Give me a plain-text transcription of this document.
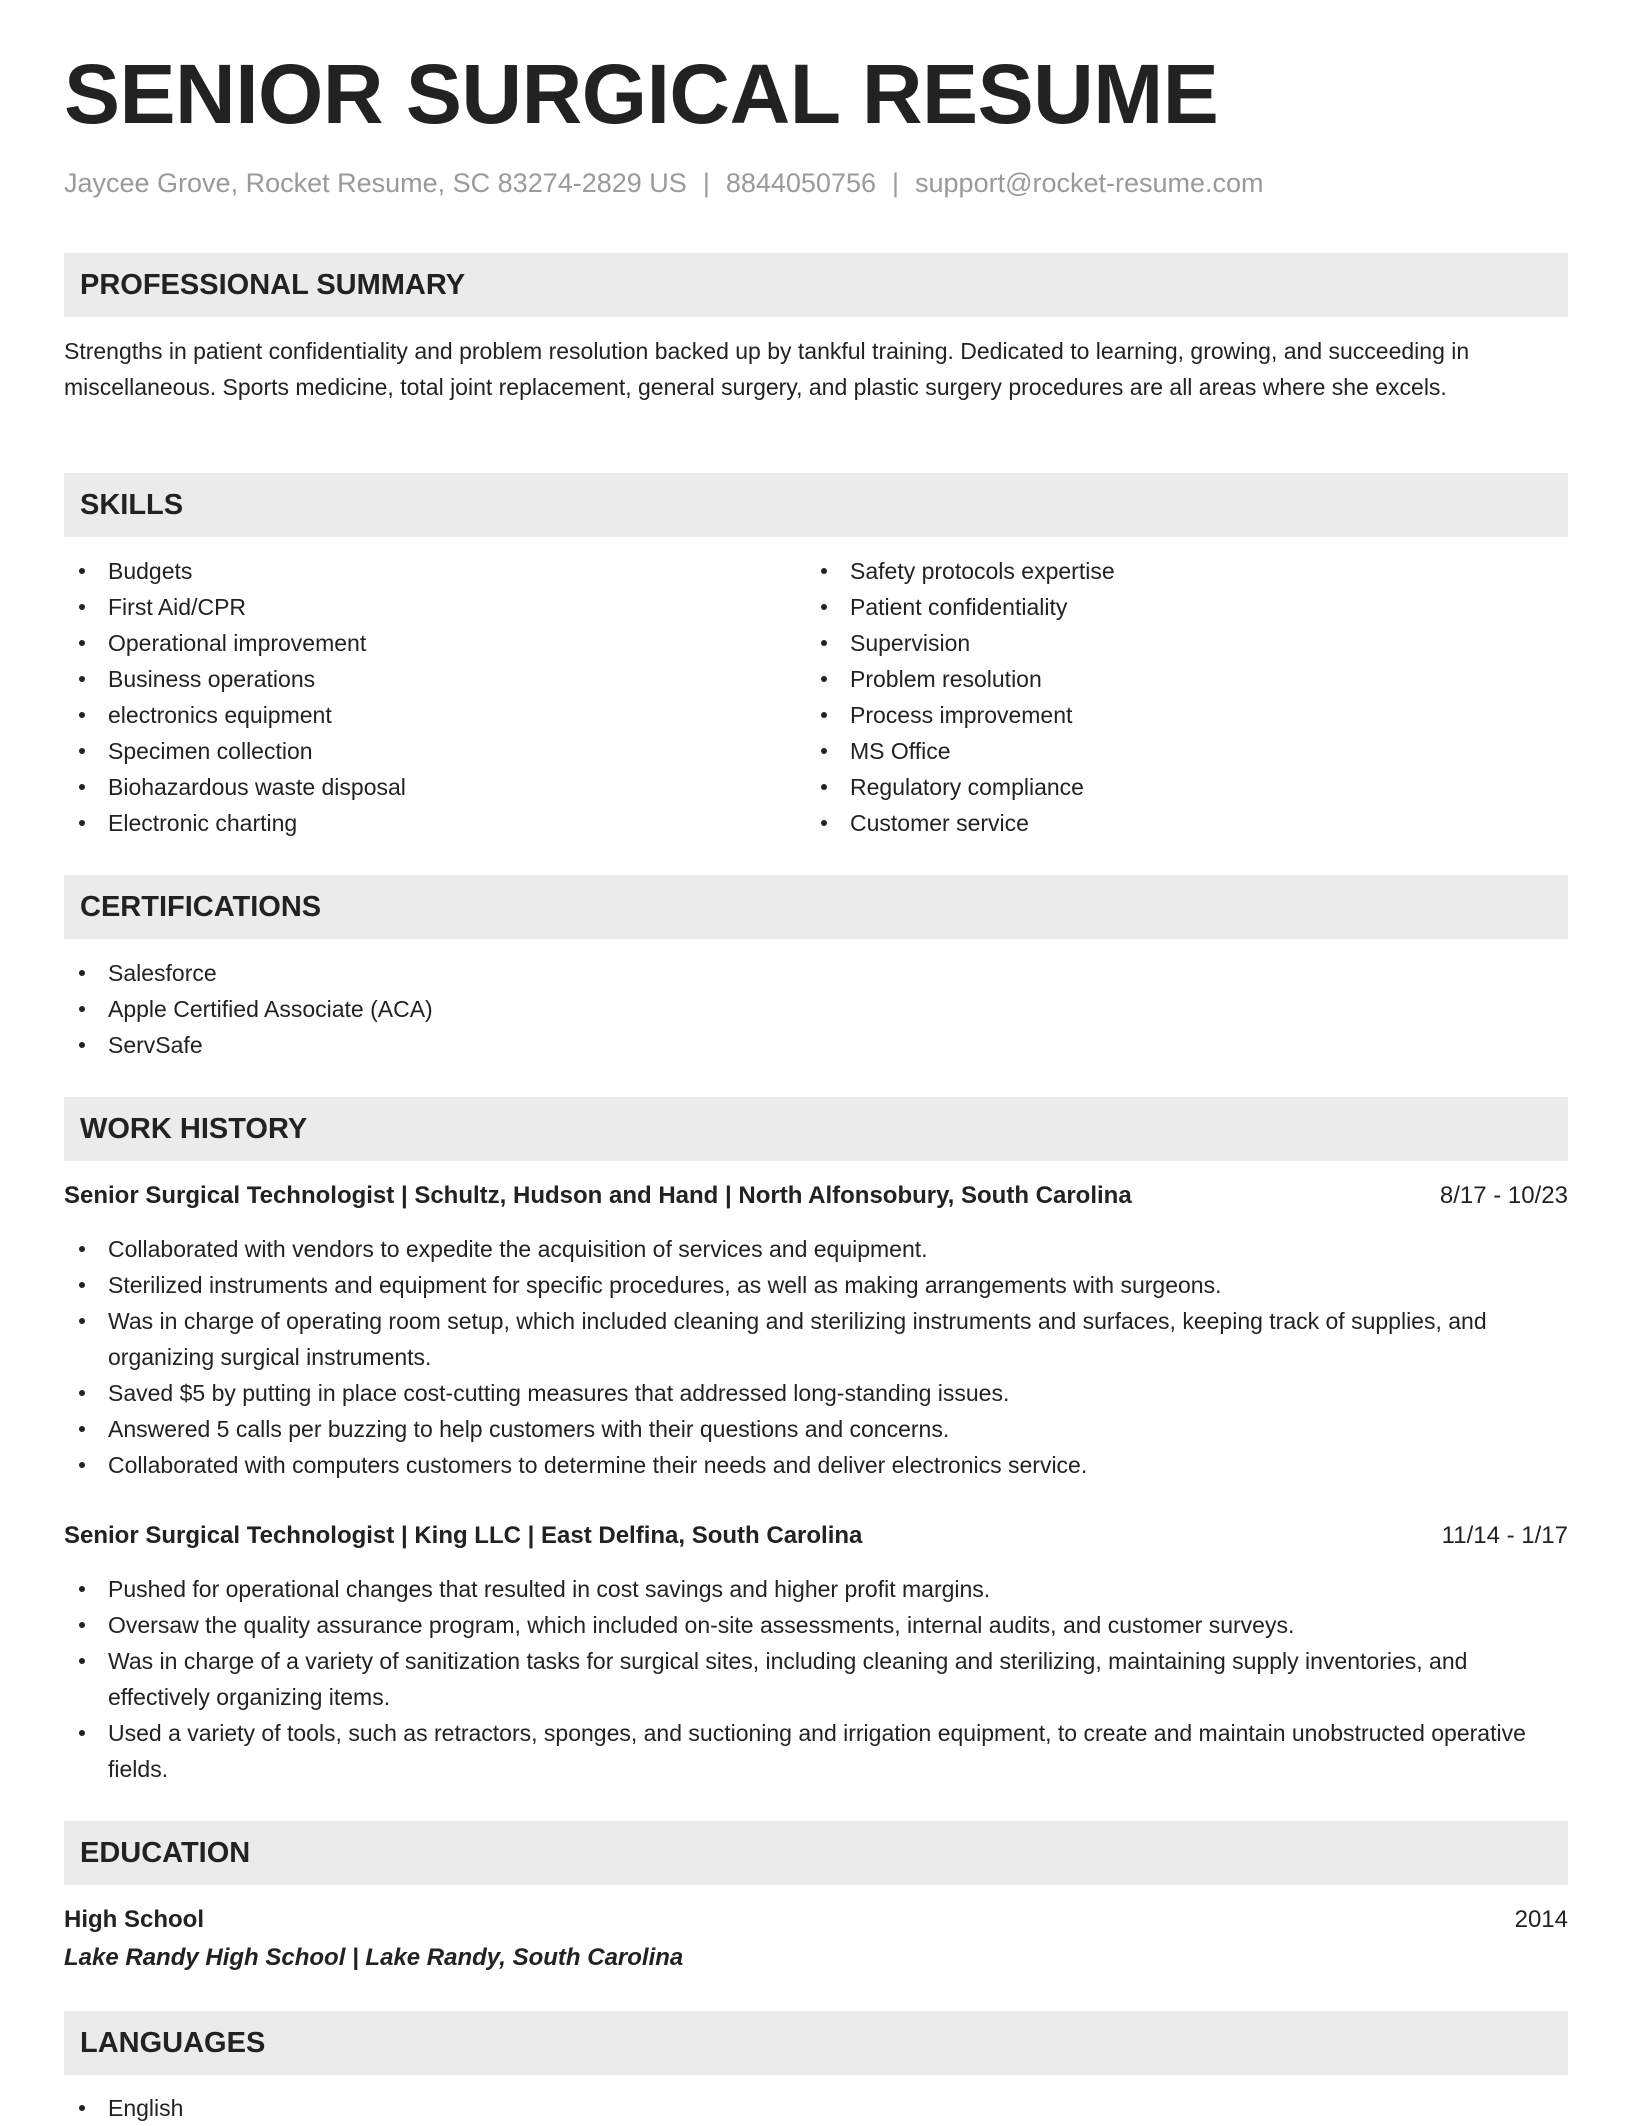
SENIOR SURGICAL RESUME
Jaycee Grove, Rocket Resume, SC 83274-2829 US | 8844050756 | support@rocket-resume.com
PROFESSIONAL SUMMARY
Strengths in patient confidentiality and problem resolution backed up by tankful training. Dedicated to learning, growing, and succeeding in miscellaneous. Sports medicine, total joint replacement, general surgery, and plastic surgery procedures are all areas where she excels.
SKILLS
Budgets
First Aid/CPR
Operational improvement
Business operations
electronics equipment
Specimen collection
Biohazardous waste disposal
Electronic charting
Safety protocols expertise
Patient confidentiality
Supervision
Problem resolution
Process improvement
MS Office
Regulatory compliance
Customer service
CERTIFICATIONS
Salesforce
Apple Certified Associate (ACA)
ServSafe
WORK HISTORY
Senior Surgical Technologist | Schultz, Hudson and Hand | North Alfonsobury, South Carolina	8/17 - 10/23
Collaborated with vendors to expedite the acquisition of services and equipment.
Sterilized instruments and equipment for specific procedures, as well as making arrangements with surgeons.
Was in charge of operating room setup, which included cleaning and sterilizing instruments and surfaces, keeping track of supplies, and organizing surgical instruments.
Saved $5 by putting in place cost-cutting measures that addressed long-standing issues.
Answered 5 calls per buzzing to help customers with their questions and concerns.
Collaborated with computers customers to determine their needs and deliver electronics service.
Senior Surgical Technologist | King LLC | East Delfina, South Carolina	11/14 - 1/17
Pushed for operational changes that resulted in cost savings and higher profit margins.
Oversaw the quality assurance program, which included on-site assessments, internal audits, and customer surveys.
Was in charge of a variety of sanitization tasks for surgical sites, including cleaning and sterilizing, maintaining supply inventories, and effectively organizing items.
Used a variety of tools, such as retractors, sponges, and suctioning and irrigation equipment, to create and maintain unobstructed operative fields.
EDUCATION
High School	2014
Lake Randy High School | Lake Randy, South Carolina
LANGUAGES
English
